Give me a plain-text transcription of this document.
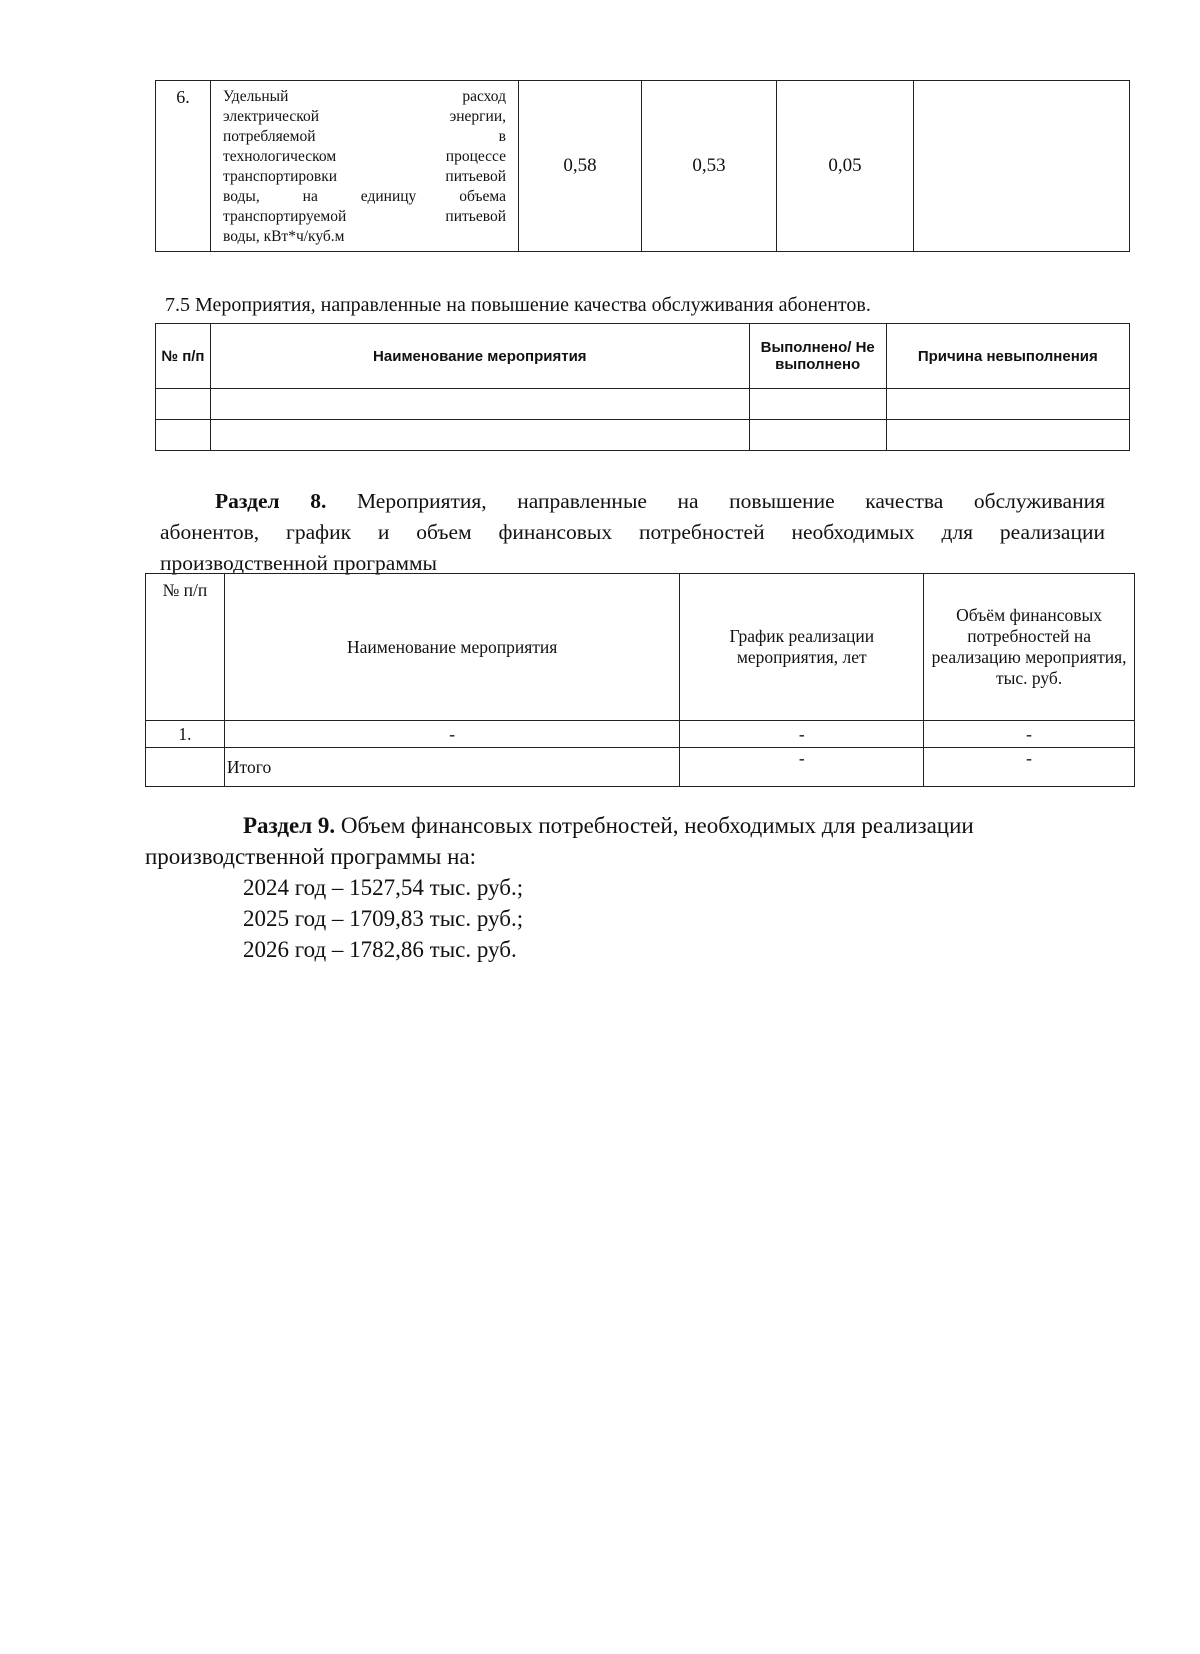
6.	Удельный расход
электрической энергии,
потребляемой в
технологическом процессе
транспортировки питьевой
воды, на единицу объема
транспортируемой питьевой
воды, кВт*ч/куб.м
	0,58	0,53	0,05	
7.5 Мероприятия, направленные на повышение качества обслуживания абонентов.
№ п/п	Наименование мероприятия	Выполнено/ Не выполнено	Причина невыполнения

Раздел 8. Мероприятия, направленные на повышение качества обслуживания
абонентов, график и объем финансовых потребностей необходимых для реализации
производственной программы
№ п/п	Наименование мероприятия	График реализации мероприятия, лет	Объём финансовых потребностей на реализацию мероприятия, тыс. руб.
1.	-	-	-
	Итого	-	-
Раздел 9. Объем финансовых потребностей, необходимых для реализации
производственной программы на:
2024 год – 1527,54 тыс. руб.;
2025 год – 1709,83 тыс. руб.;
2026 год – 1782,86 тыс. руб.
